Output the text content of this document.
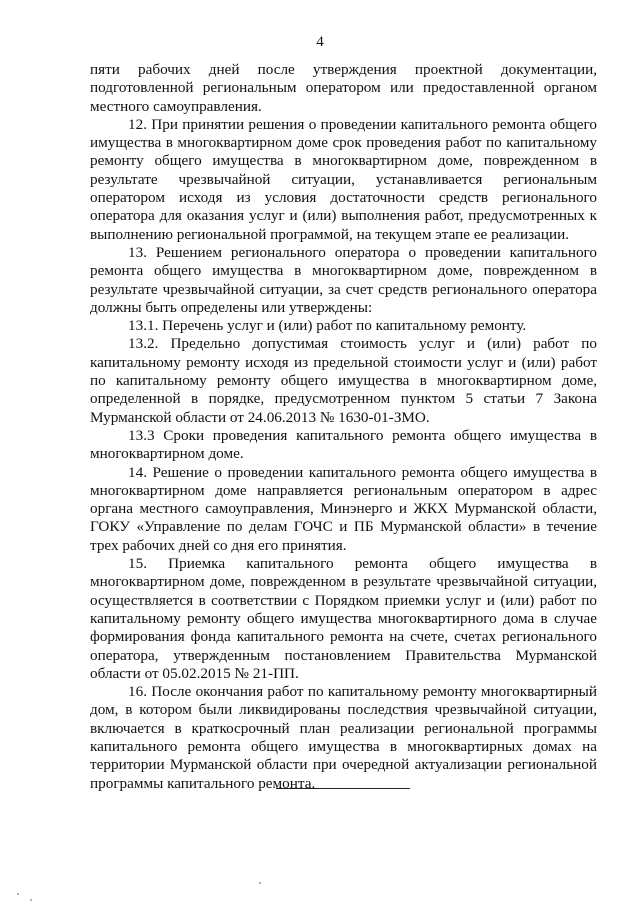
4

пяти рабочих дней после утверждения проектной документации, подготовленной региональным оператором или предоставленной органом местного самоуправления.

12. При принятии решения о проведении капитального ремонта общего имущества в многоквартирном доме срок проведения работ по капитальному ремонту общего имущества в многоквартирном доме, поврежденном в результате чрезвычайной ситуации, устанавливается региональным оператором исходя из условия достаточности средств регионального оператора для оказания услуг и (или) выполнения работ, предусмотренных к выполнению региональной программой, на текущем этапе ее реализации.

13. Решением регионального оператора о проведении капитального ремонта общего имущества в многоквартирном доме, поврежденном в результате чрезвычайной ситуации, за счет средств регионального оператора должны быть определены или утверждены:

13.1. Перечень услуг и (или) работ по капитальному ремонту.

13.2. Предельно допустимая стоимость услуг и (или) работ по капитальному ремонту исходя из предельной стоимости услуг и (или) работ по капитальному ремонту общего имущества в многоквартирном доме, определенной в порядке, предусмотренном пунктом 5 статьи 7 Закона Мурманской области от 24.06.2013 № 1630-01-ЗМО.

13.3 Сроки проведения капитального ремонта общего имущества в многоквартирном доме.

14. Решение о проведении капитального ремонта общего имущества в многоквартирном доме направляется региональным оператором в адрес органа местного самоуправления, Минэнерго и ЖКХ Мурманской области, ГОКУ «Управление по делам ГОЧС и ПБ Мурманской области» в течение трех рабочих дней со дня его принятия.

15. Приемка капитального ремонта общего имущества в многоквартирном доме, поврежденном в результате чрезвычайной ситуации, осуществляется в соответствии с Порядком приемки услуг и (или) работ по капитальному ремонту общего имущества многоквартирного дома в случае формирования фонда капитального ремонта на счете, счетах регионального оператора, утвержденным постановлением Правительства Мурманской области от 05.02.2015 № 21-ПП.

16. После окончания работ по капитальному ремонту многоквартирный дом, в котором были ликвидированы последствия чрезвычайной ситуации, включается в краткосрочный план реализации региональной программы капитального ремонта общего имущества в многоквартирных домах на территории Мурманской области при очередной актуализации региональной программы капитального ремонта.
